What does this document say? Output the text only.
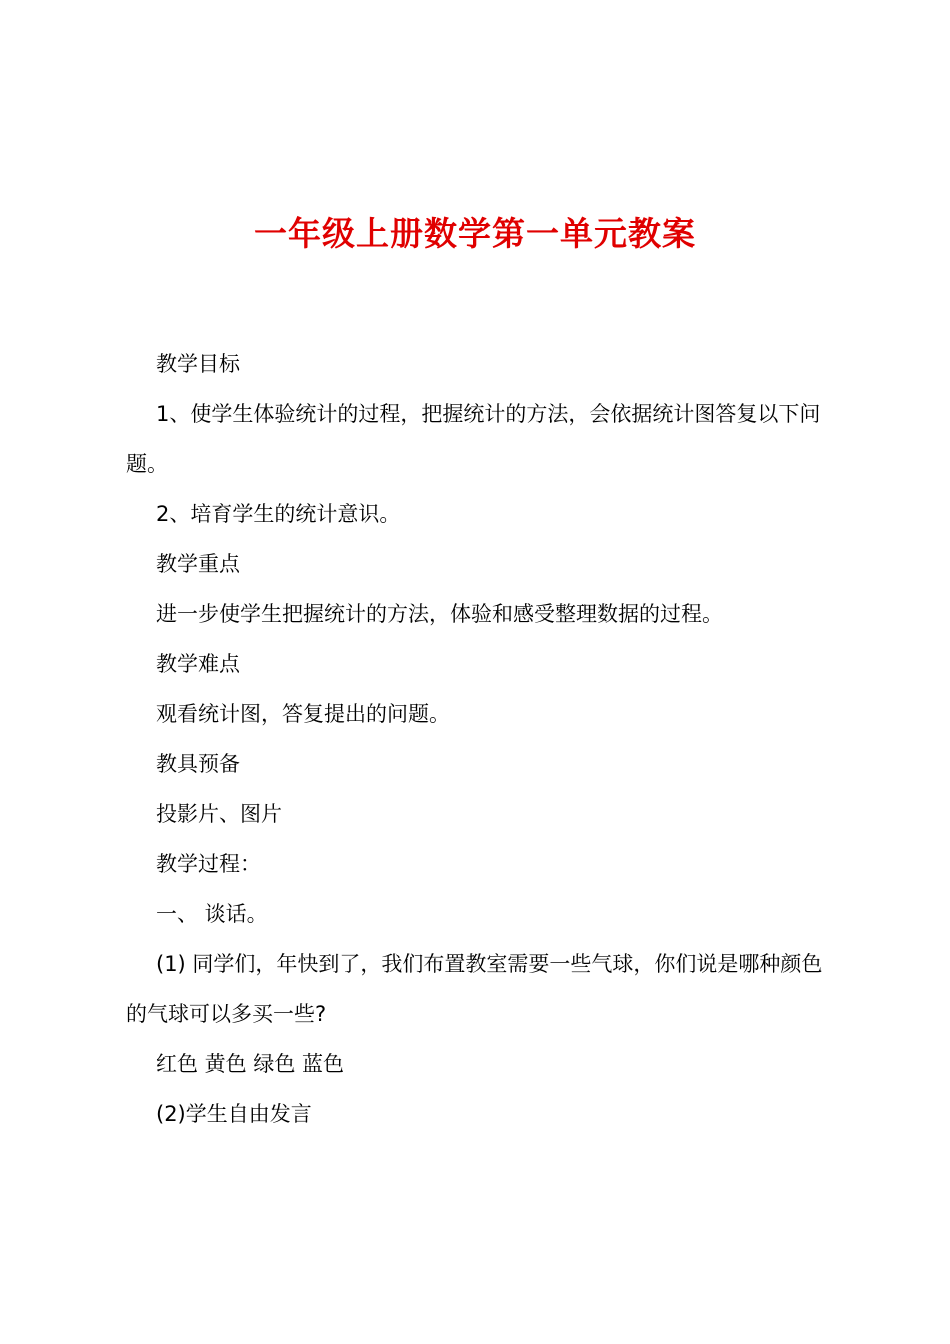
一年级上册数学第一单元教案

教学目标

1、使学生体验统计的过程，把握统计的方法，会依据统计图答复以下问题。

2、培育学生的统计意识。

教学重点

进一步使学生把握统计的方法，体验和感受整理数据的过程。

教学难点

观看统计图，答复提出的问题。

教具预备

投影片、图片

教学过程：

一、 谈话。

(1) 同学们，年快到了，我们布置教室需要一些气球，你们说是哪种颜色的气球可以多买一些?

红色 黄色 绿色 蓝色

(2)学生自由发言
